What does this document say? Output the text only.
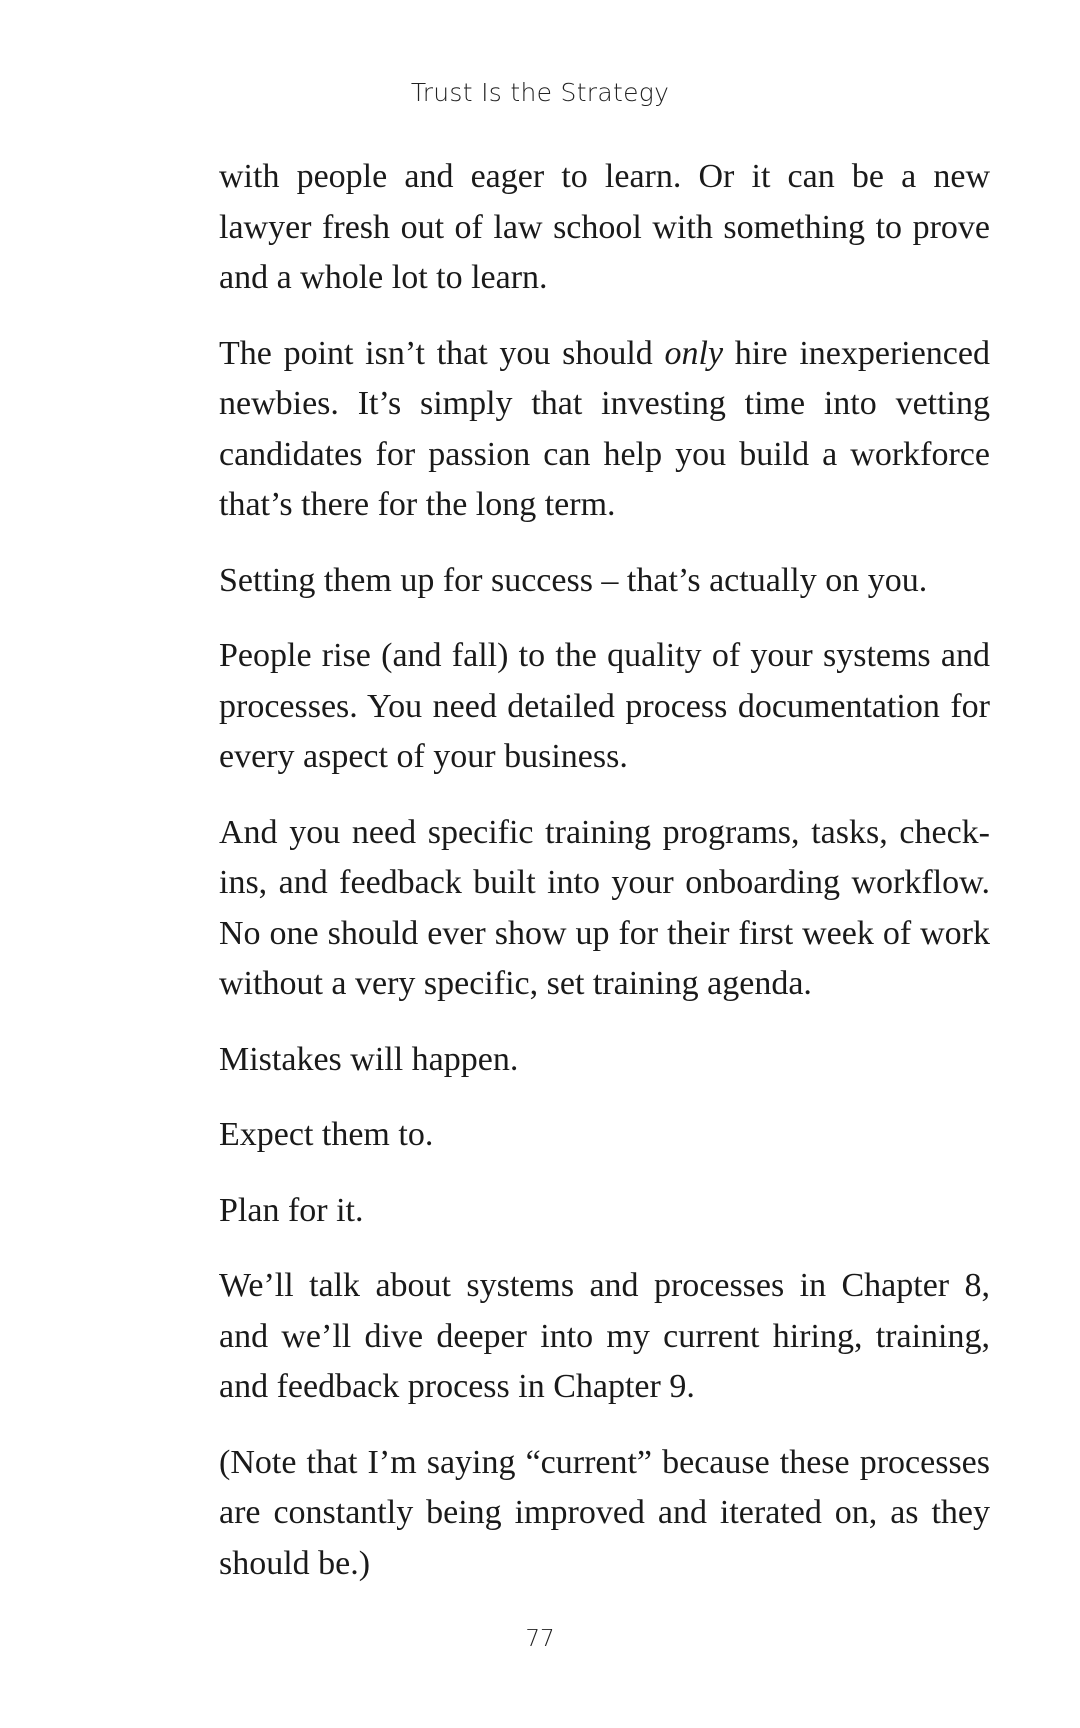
Trust Is the Strategy

with people and eager to learn. Or it can be a new lawyer fresh out of law school with something to prove and a whole lot to learn.

The point isn’t that you should only hire inexperienced newbies. It’s simply that investing time into vetting candidates for passion can help you build a workforce that’s there for the long term.

Setting them up for success – that’s actually on you.

People rise (and fall) to the quality of your systems and processes. You need detailed process documentation for every aspect of your business.

And you need specific training programs, tasks, check-ins, and feedback built into your onboarding workflow. No one should ever show up for their first week of work without a very specific, set training agenda.

Mistakes will happen.

Expect them to.

Plan for it.

We’ll talk about systems and processes in Chapter 8, and we’ll dive deeper into my current hiring, training, and feedback process in Chapter 9.

(Note that I’m saying “current” because these processes are constantly being improved and iterated on, as they should be.)

77
